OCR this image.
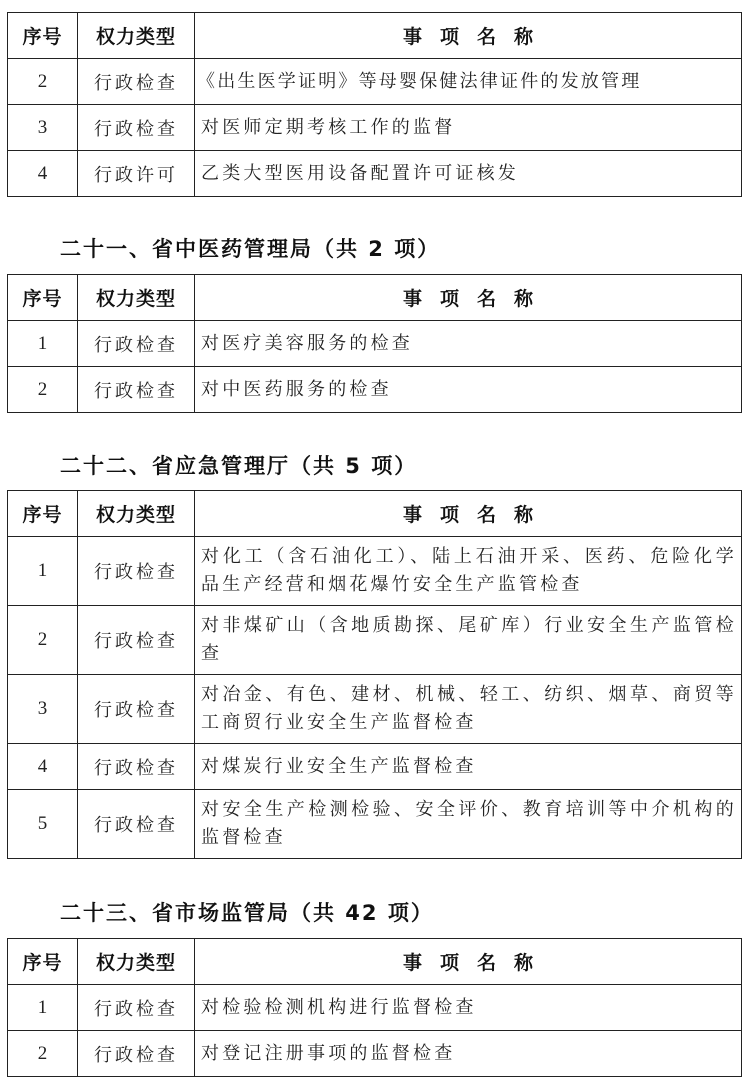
序号	权力类型	事项名称
2	行政检查	《出生医学证明》等母婴保健法律证件的发放管理
3	行政检查	对医师定期考核工作的监督
4	行政许可	乙类大型医用设备配置许可证核发
二十一、省中医药管理局（共 2 项）
序号	权力类型	事项名称
1	行政检查	对医疗美容服务的检查
2	行政检查	对中医药服务的检查
二十二、省应急管理厅（共 5 项）
序号	权力类型	事项名称
1	行政检查	对化工（含石油化工）、陆上石油开采、医药、危险化学品生产经营和烟花爆竹安全生产监管检查
2	行政检查	对非煤矿山（含地质勘探、尾矿库）行业安全生产监管检查
3	行政检查	对冶金、有色、建材、机械、轻工、纺织、烟草、商贸等工商贸行业安全生产监督检查
4	行政检查	对煤炭行业安全生产监督检查
5	行政检查	对安全生产检测检验、安全评价、教育培训等中介机构的监督检查
二十三、省市场监管局（共 42 项）
序号	权力类型	事项名称
1	行政检查	对检验检测机构进行监督检查
2	行政检查	对登记注册事项的监督检查
